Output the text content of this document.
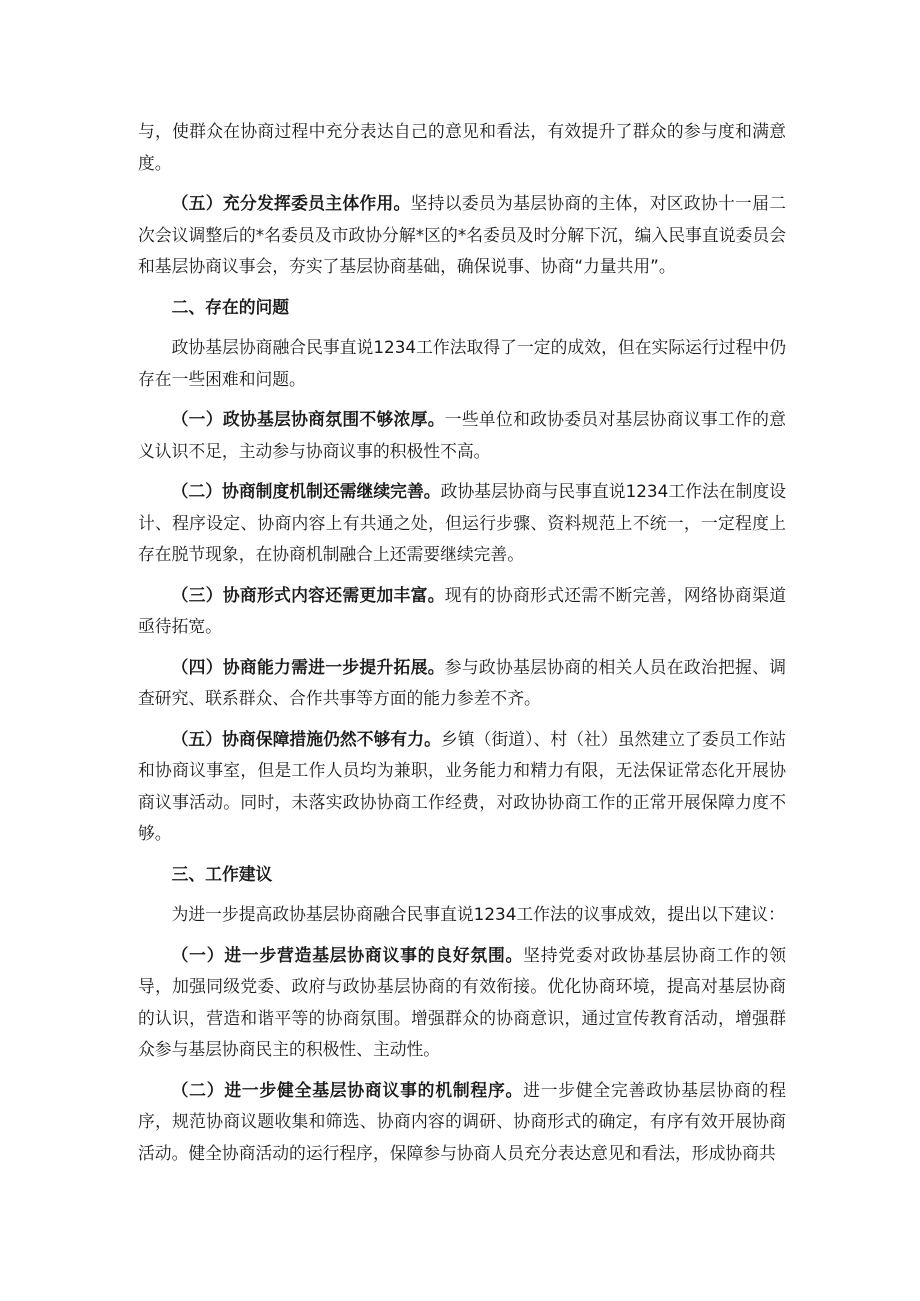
与，使群众在协商过程中充分表达自己的意见和看法，有效提升了群众的参与度和满意度。

（五）充分发挥委员主体作用。坚持以委员为基层协商的主体，对区政协十一届二次会议调整后的*名委员及市政协分解*区的*名委员及时分解下沉，编入民事直说委员会和基层协商议事会，夯实了基层协商基础，确保说事、协商“力量共用”。

二、存在的问题

政协基层协商融合民事直说1234工作法取得了一定的成效，但在实际运行过程中仍存在一些困难和问题。

（一）政协基层协商氛围不够浓厚。一些单位和政协委员对基层协商议事工作的意义认识不足，主动参与协商议事的积极性不高。

（二）协商制度机制还需继续完善。政协基层协商与民事直说1234工作法在制度设计、程序设定、协商内容上有共通之处，但运行步骤、资料规范上不统一，一定程度上存在脱节现象，在协商机制融合上还需要继续完善。

（三）协商形式内容还需更加丰富。现有的协商形式还需不断完善，网络协商渠道亟待拓宽。

（四）协商能力需进一步提升拓展。参与政协基层协商的相关人员在政治把握、调查研究、联系群众、合作共事等方面的能力参差不齐。

（五）协商保障措施仍然不够有力。乡镇（街道）、村（社）虽然建立了委员工作站和协商议事室，但是工作人员均为兼职，业务能力和精力有限，无法保证常态化开展协商议事活动。同时，未落实政协协商工作经费，对政协协商工作的正常开展保障力度不够。

三、工作建议

为进一步提高政协基层协商融合民事直说1234工作法的议事成效，提出以下建议：

（一）进一步营造基层协商议事的良好氛围。坚持党委对政协基层协商工作的领导，加强同级党委、政府与政协基层协商的有效衔接。优化协商环境，提高对基层协商的认识，营造和谐平等的协商氛围。增强群众的协商意识，通过宣传教育活动，增强群众参与基层协商民主的积极性、主动性。

（二）进一步健全基层协商议事的机制程序。进一步健全完善政协基层协商的程序，规范协商议题收集和筛选、协商内容的调研、协商形式的确定，有序有效开展协商活动。健全协商活动的运行程序，保障参与协商人员充分表达意见和看法，形成协商共
